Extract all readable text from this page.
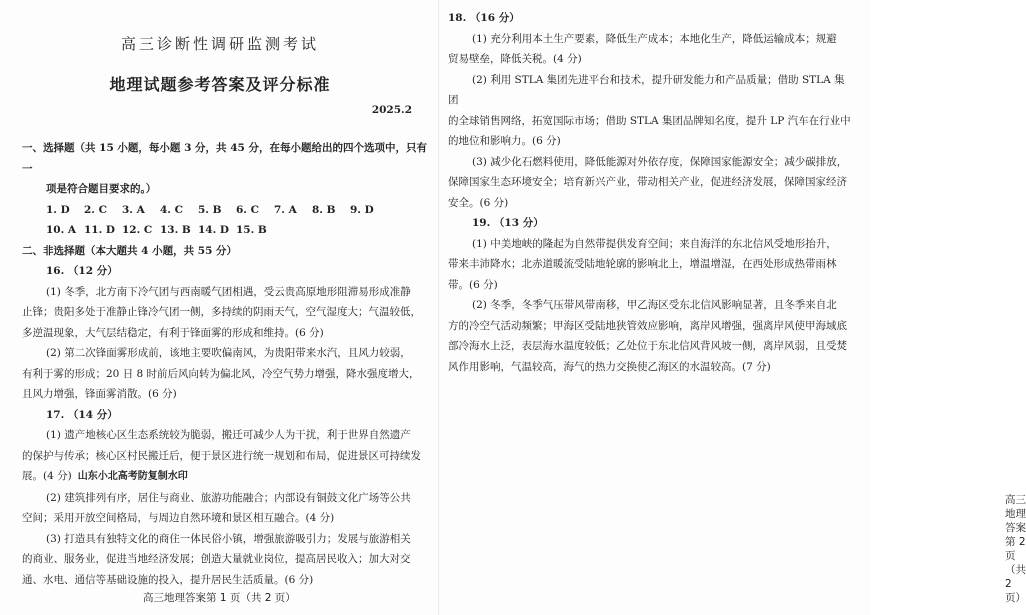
高三诊断性调研监测考试
地理试题参考答案及评分标准
2025.2

一、选择题（共 15 小题，每小题 3 分，共 45 分，在每小题给出的四个选项中，只有一

项是符合题目要求的。）

1. D	2. C	3. A	4. C	5. B	6. C	7. A	8. B	9. D
10. A 11. D 12. C 13. B 14. D 15. B

二、非选择题（本大题共 4 小题，共 55 分）

16. （12 分）

(1) 冬季，北方南下冷气团与西南暖气团相遇，受云贵高原地形阻滞易形成准静

止锋；贵阳多处于准静止锋冷气团一侧，多持续的阴雨天气，空气湿度大；气温较低，

多逆温现象，大气层结稳定，有利于锋面雾的形成和维持。(6 分)

(2) 第二次锋面雾形成前，该地主要吹偏南风，为贵阳带来水汽，且风力较弱，

有利于雾的形成；20 日 8 时前后风向转为偏北风，冷空气势力增强，降水强度增大，

且风力增强，锋面雾消散。(6 分)

17. （14 分）

(1) 遗产地核心区生态系统较为脆弱，搬迁可减少人为干扰，利于世界自然遗产

的保护与传承；核心区村民搬迁后，便于景区进行统一规划和布局，促进景区可持续发

展。(4 分) 山东小北高考防复制水印

(2) 建筑排列有序，居住与商业、旅游功能融合；内部设有铜鼓文化广场等公共

空间；采用开放空间格局，与周边自然环境和景区相互融合。(4 分)

(3) 打造具有独特文化的商住一体民俗小镇，增强旅游吸引力；发展与旅游相关

的商业、服务业，促进当地经济发展；创造大量就业岗位，提高居民收入；加大对交

通、水电、通信等基础设施的投入，提升居民生活质量。(6 分)

高三地理答案第 1 页（共 2 页）

18. （16 分）

(1) 充分利用本土生产要素，降低生产成本；本地化生产，降低运输成本；规避

贸易壁垒，降低关税。(4 分)

(2) 利用 STLA 集团先进平台和技术，提升研发能力和产品质量；借助 STLA 集团

的全球销售网络，拓宽国际市场；借助 STLA 集团品牌知名度，提升 LP 汽车在行业中

的地位和影响力。(6 分)

(3) 减少化石燃料使用，降低能源对外依存度，保障国家能源安全；减少碳排放，

保障国家生态环境安全；培育新兴产业，带动相关产业，促进经济发展，保障国家经济

安全。(6 分)

19. （13 分）

(1) 中美地峡的隆起为自然带提供发育空间；来自海洋的东北信风受地形抬升，

带来丰沛降水；北赤道暖流受陆地轮廓的影响北上，增温增湿，在西处形成热带雨林

带。(6 分)

(2) 冬季，冬季气压带风带南移，甲乙海区受东北信风影响显著，且冬季来自北

方的冷空气活动频繁；甲海区受陆地狭管效应影响，离岸风增强，强离岸风使甲海域底

部冷海水上泛，表层海水温度较低；乙处位于东北信风背风坡一侧，离岸风弱，且受焚

风作用影响，气温较高，海气的热力交换使乙海区的水温较高。(7 分)

高三地理答案第 2 页（共 2 页）
